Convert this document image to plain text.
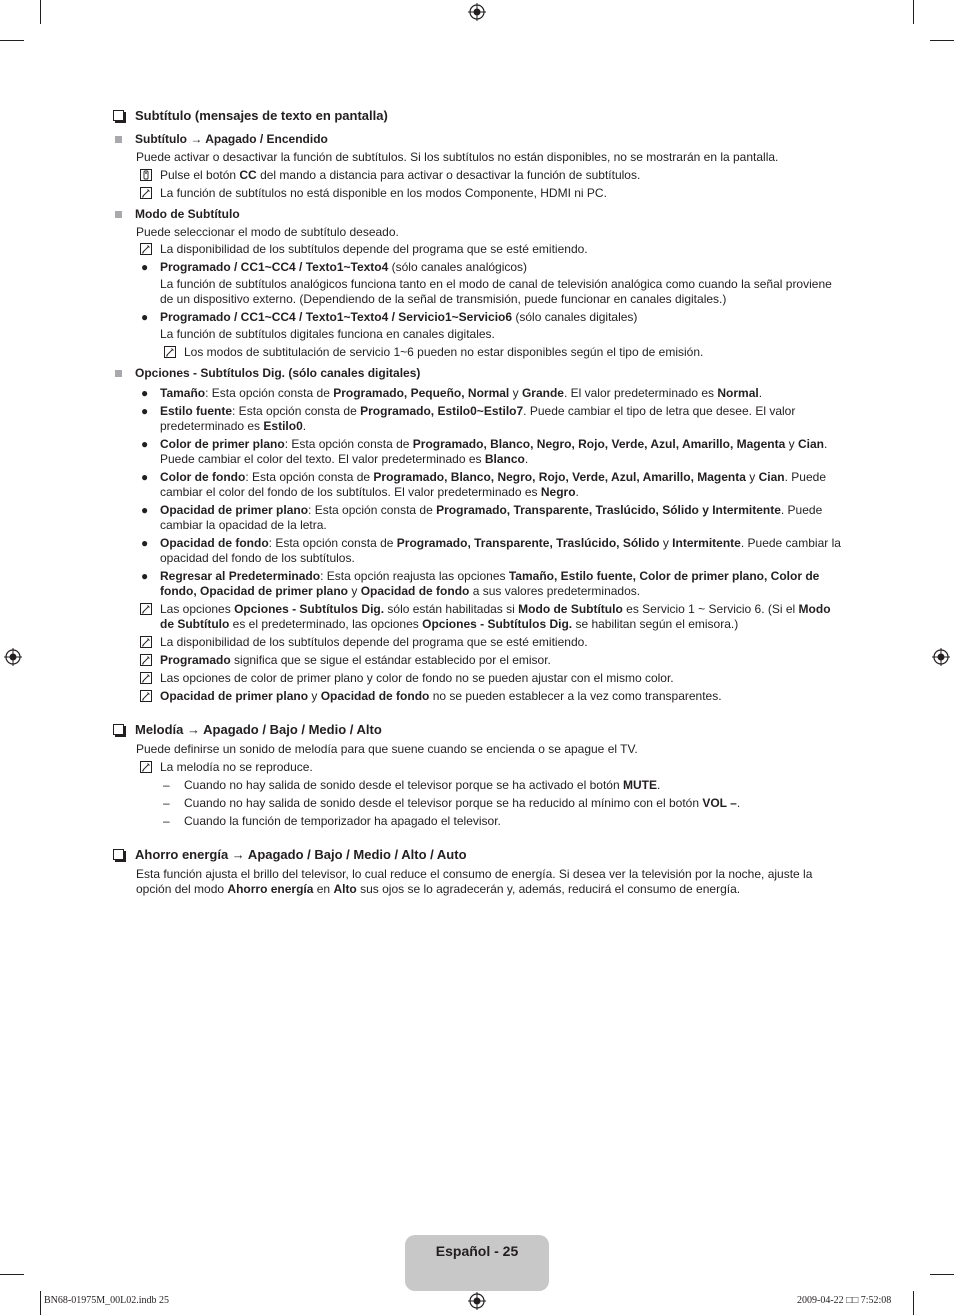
Subtítulo (mensajes de texto en pantalla)
Subtítulo → Apagado / Encendido
Puede activar o desactivar la función de subtítulos. Si los subtítulos no están disponibles, no se mostrarán en la pantalla.
Pulse el botón CC del mando a distancia para activar o desactivar la función de subtítulos.
La función de subtítulos no está disponible en los modos Componente, HDMI ni PC.
Modo de Subtítulo
Puede seleccionar el modo de subtítulo deseado.
La disponibilidad de los subtítulos depende del programa que se esté emitiendo.
● Programado / CC1~CC4 / Texto1~Texto4 (sólo canales analógicos)
La función de subtítulos analógicos funciona tanto en el modo de canal de televisión analógica como cuando la señal proviene de un dispositivo externo. (Dependiendo de la señal de transmisión, puede funcionar en canales digitales.)
● Programado / CC1~CC4 / Texto1~Texto4 / Servicio1~Servicio6 (sólo canales digitales)
La función de subtítulos digitales funciona en canales digitales.
Los modos de subtitulación de servicio 1~6 pueden no estar disponibles según el tipo de emisión.
Opciones - Subtítulos Dig. (sólo canales digitales)
● Tamaño: Esta opción consta de Programado, Pequeño, Normal y Grande. El valor predeterminado es Normal.
● Estilo fuente: Esta opción consta de Programado, Estilo0~Estilo7. Puede cambiar el tipo de letra que desee. El valor predeterminado es Estilo0.
● Color de primer plano: Esta opción consta de Programado, Blanco, Negro, Rojo, Verde, Azul, Amarillo, Magenta y Cian. Puede cambiar el color del texto. El valor predeterminado es Blanco.
● Color de fondo: Esta opción consta de Programado, Blanco, Negro, Rojo, Verde, Azul, Amarillo, Magenta y Cian. Puede cambiar el color del fondo de los subtítulos. El valor predeterminado es Negro.
● Opacidad de primer plano: Esta opción consta de Programado, Transparente, Traslúcido, Sólido y Intermitente. Puede cambiar la opacidad de la letra.
● Opacidad de fondo: Esta opción consta de Programado, Transparente, Traslúcido, Sólido y Intermitente. Puede cambiar la opacidad del fondo de los subtítulos.
● Regresar al Predeterminado: Esta opción reajusta las opciones Tamaño, Estilo fuente, Color de primer plano, Color de fondo, Opacidad de primer plano y Opacidad de fondo a sus valores predeterminados.
Las opciones Opciones - Subtítulos Dig. sólo están habilitadas si Modo de Subtítulo es Servicio 1 ~ Servicio 6. (Si el Modo de Subtítulo es el predeterminado, las opciones Opciones - Subtítulos Dig. se habilitan según el emisora.)
La disponibilidad de los subtítulos depende del programa que se esté emitiendo.
Programado significa que se sigue el estándar establecido por el emisor.
Las opciones de color de primer plano y color de fondo no se pueden ajustar con el mismo color.
Opacidad de primer plano y Opacidad de fondo no se pueden establecer a la vez como transparentes.
Melodía → Apagado / Bajo / Medio / Alto
Puede definirse un sonido de melodía para que suene cuando se encienda o se apague el TV.
La melodía no se reproduce.
– Cuando no hay salida de sonido desde el televisor porque se ha activado el botón MUTE.
– Cuando no hay salida de sonido desde el televisor porque se ha reducido al mínimo con el botón VOL –.
– Cuando la función de temporizador ha apagado el televisor.
Ahorro energía → Apagado / Bajo / Medio / Alto / Auto
Esta función ajusta el brillo del televisor, lo cual reduce el consumo de energía. Si desea ver la televisión por la noche, ajuste la opción del modo Ahorro energía en Alto sus ojos se lo agradecerán y, además, reducirá el consumo de energía.
Español - 25
BN68-01975M_00L02.indb 25	2009-04-22 □□ 7:52:08
